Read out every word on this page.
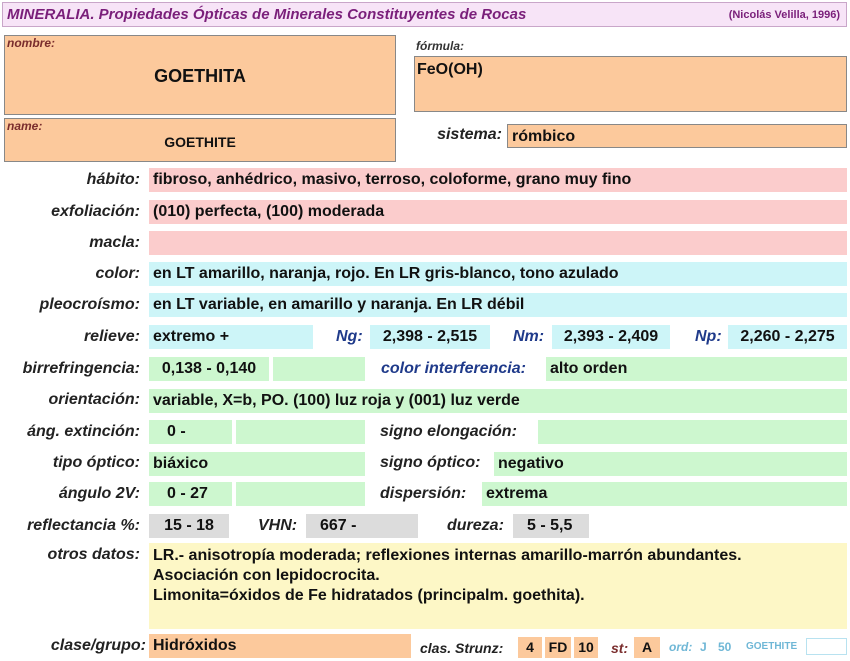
MINERALIA. Propiedades Ópticas de Minerales Constituyentes de Rocas	(Nicolás Velilla, 1996)
nombre:
GOETHITA
fórmula:
FeO(OH)
name:
GOETHITE	sistema: rómbico
hábito: fibroso, anhédrico, masivo, terroso, coloforme, grano muy fino
exfoliación: (010) perfecta, (100) moderada
macla:
color: en LT amarillo, naranja, rojo. En LR gris-blanco, tono azulado
pleocroísmo: en LT variable, en amarillo y naranja. En LR débil
relieve: extremo +	Ng:	2,398 - 2,515	Nm:	2,393 - 2,409	Np:	2,260 - 2,275
birrefringencia:	0,138 - 0,140	color interferencia: alto orden
orientación: variable, X=b, PO. (100) luz roja y (001) luz verde
áng. extinción:	0 -	signo elongación:
tipo óptico: biáxico	signo óptico:	negativo
ángulo 2V:	0 - 27	dispersión:	extrema
reflectancia %:	15 - 18	VHN:	667 -	dureza:	5 - 5,5
otros datos: LR.- anisotropía moderada; reflexiones internas amarillo-marrón abundantes.
Asociación con lepidocrocita.
Limonita=óxidos de Fe hidratados (principalm. goethita).
clase/grupo: Hidróxidos	clas. Strunz:	4	FD 10	st: A	ord: J 50 GOETHITE
